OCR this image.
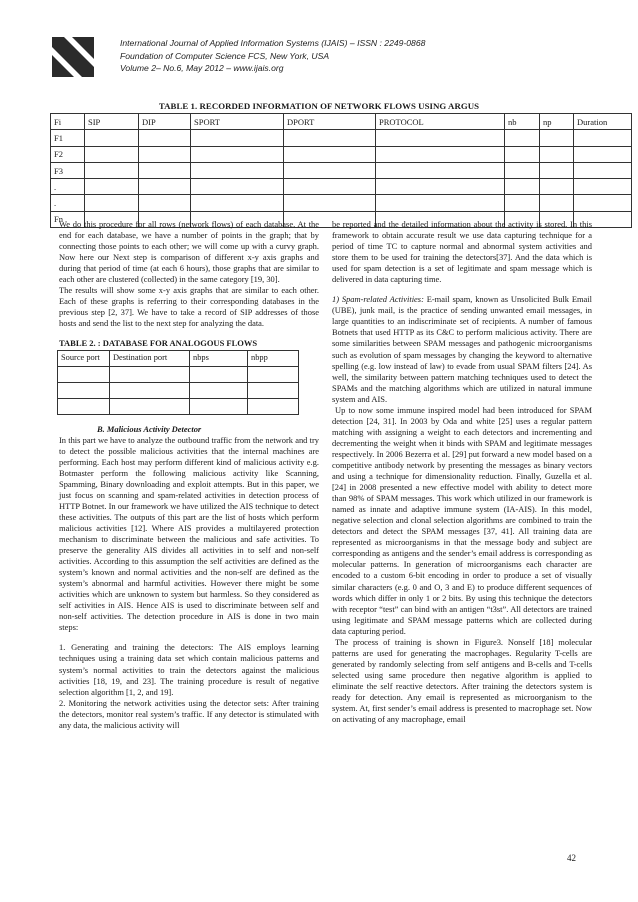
International Journal of Applied Information Systems (IJAIS) – ISSN : 2249-0868
Foundation of Computer Science FCS, New York, USA
Volume 2– No.6, May 2012 – www.ijais.org
TABLE 1. RECORDED INFORMATION OF NETWORK FLOWS USING ARGUS
Fi	SIP	DIP	SPORT	DPORT	PROTOCOL	nb	np	Duration
F1								
F2								
F3								
.								
.								
Fn								

We do this procedure for all rows (network flows) of each database. At the end for each database, we have a number of points in the graph; that by connecting those points to each other; we will come up with a curvy graph. Now here our Next step is comparison of different x-y axis graphs and during that period of time (at each 6 hours), those graphs that are similar to each other are clustered (collected) in the same category [19, 30].

The results will show some x-y axis graphs that are similar to each other. Each of these graphs is referring to their corresponding databases in the previous step [2, 37]. We have to take a record of SIP addresses of those hosts and send the list to the next step for analyzing the data.

TABLE 2. : DATABASE FOR ANALOGOUS FLOWS

Source port	Destination port	nbps	nbpp

B. Malicious Activity Detector

In this part we have to analyze the outbound traffic from the network and try to detect the possible malicious activities that the internal machines are performing. Each host may perform different kind of malicious activity e.g. Botmaster perform the following malicious activity like Scanning, Spamming, Binary downloading and exploit attempts. But in this paper, we just focus on scanning and spam-related activities in detection process of HTTP Botnet. In our framework we have utilized the AIS technique to detect these activities. The outputs of this part are the list of hosts which perform malicious activities [12]. Where AIS provides a multilayered protection mechanism to discriminate between the malicious and safe activities. To preserve the generality AIS divides all activities in to self and non-self activities. According to this assumption the self activities are defined as the system’s known and normal activities and the non-self are defined as the system’s abnormal and harmful activities. However there might be some activities which are unknown to system but harmless. So they considered as self activities in AIS. Hence AIS is used to discriminate between self and non-self activities. The detection procedure in AIS is done in two main steps:

1. Generating and training the detectors: The AIS employs learning techniques using a training data set which contain malicious patterns and system’s normal activities to train the detectors against the malicious activities [18, 19, and 23]. The training procedure is result of negative selection algorithm [1, 2, and 19].

2. Monitoring the network activities using the detector sets: After training the detectors, monitor real system’s traffic. If any detector is stimulated with any data, the malicious activity will

be reported and the detailed information about the activity is stored. In this framework to obtain accurate result we use data capturing technique for a period of time TC to capture normal and abnormal system activities and store them to be used for training the detectors[37]. And the data which is used for spam detection is a set of legitimate and spam message which is delivered in data capturing time.

1) Spam-related Activities: E-mail spam, known as Unsolicited Bulk Email (UBE), junk mail, is the practice of sending unwanted email messages, in large quantities to an indiscriminate set of recipients. A number of famous Botnets that used HTTP as its C&C to perform malicious activity. There are some similarities between SPAM messages and pathogenic microorganisms such as evolution of spam messages by changing the keyword to alternative spelling (e.g. low instead of law) to evade from usual SPAM filters [24]. As well, the similarity between pattern matching techniques used to detect the SPAMs and the matching algorithms which are utilized in natural immune system and AIS.

Up to now some immune inspired model had been introduced for SPAM detection [24, 31]. In 2003 by Oda and white [25] uses a regular pattern matching with assigning a weight to each detectors and incrementing and decrementing the weight when it binds with SPAM and legitimate messages respectively. In 2006 Bezerra et al. [29] put forward a new model based on a competitive antibody network by presenting the messages as binary vectors and using a technique for dimensionality reduction. Finally, Guzella et al. [24] in 2008 presented a new effective model with ability to detect more than 98% of SPAM messages. This work which utilized in our framework is named as innate and adaptive immune system (IA-AIS). In this model, negative selection and clonal selection algorithms are combined to train the detectors and detect the SPAM messages [37, 41]. All training data are represented as microorganisms in that the message body and subject are corresponding as antigens and the sender’s email address is corresponding as molecular patterns. In generation of microorganisms each character are encoded to a custom 6-bit encoding in order to produce a set of visually similar characters (e.g. 0 and O, 3 and E) to produce different sequences of words which differ in only 1 or 2 bits. By using this technique the detectors with receptor “test” can bind with an antigen “t3st”. All detectors are trained using legitimate and SPAM message patterns which are collected during data capturing period.

The process of training is shown in Figure3. Nonself [18] molecular patterns are used for generating the macrophages. Regularity T-cells are generated by randomly selecting from self antigens and B-cells and T-cells selected using same procedure then negative algorithm is applied to eliminate the self reactive detectors. After training the detectors system is ready for detection. Any email is represented as microorganism to the system. At, first sender’s email address is presented to macrophage set. Now on activating of any macrophage, email

42
